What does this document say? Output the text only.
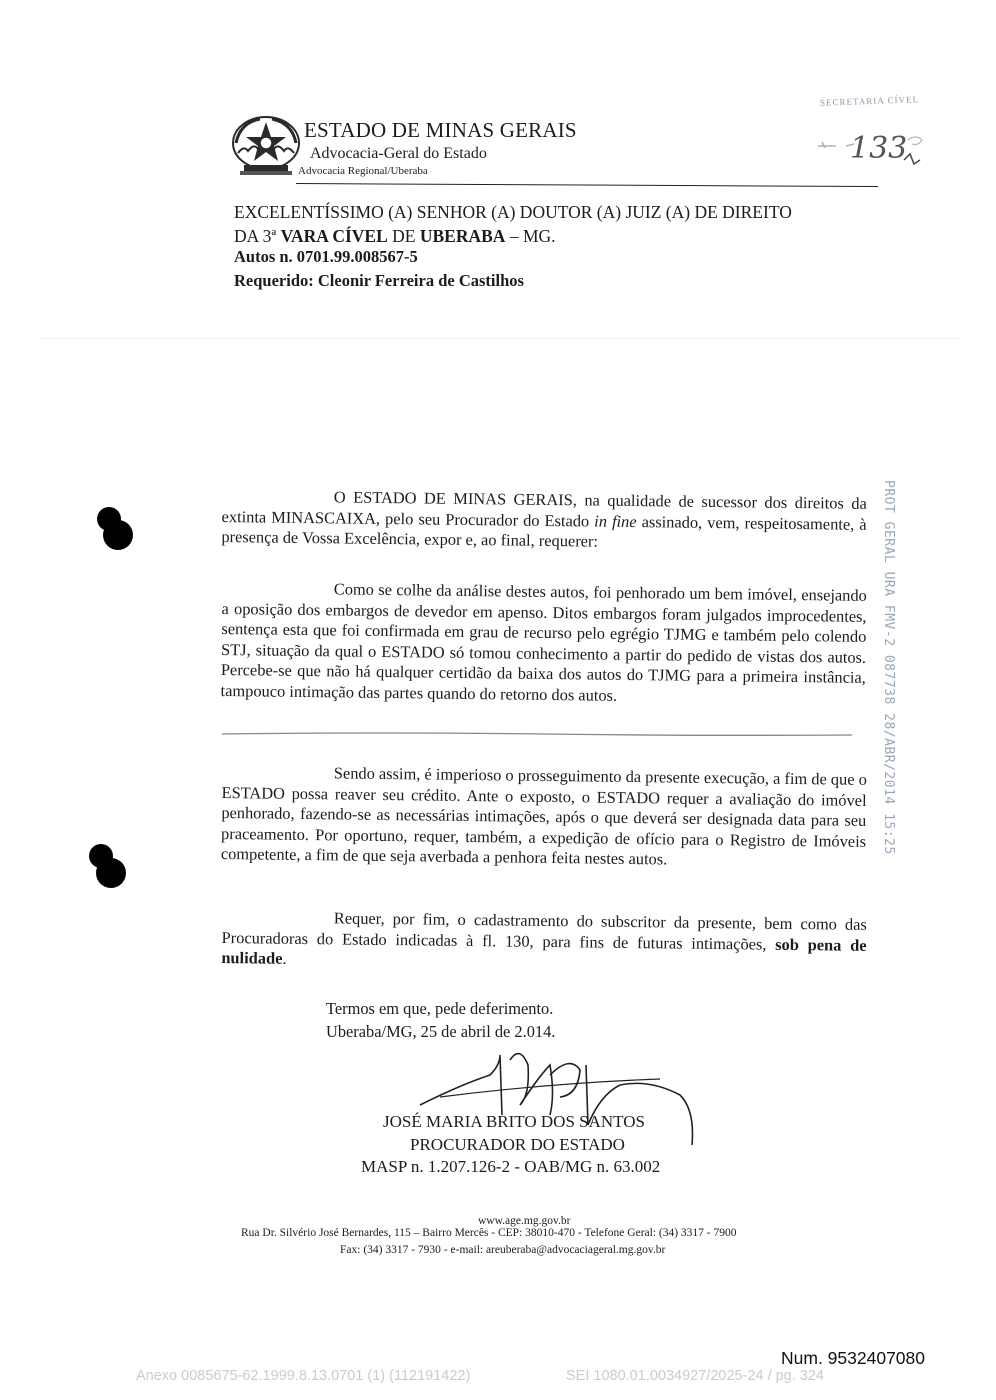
ESTADO DE MINAS GERAIS
Advocacia-Geral do Estado
Advocacia Regional/Uberaba
SECRETARIA CÍVEL
133
EXCELENTÍSSIMO (A) SENHOR (A) DOUTOR (A) JUIZ (A) DE DIREITO
DA 3ª VARA CÍVEL DE UBERABA – MG.
Autos n. 0701.99.008567-5
Requerido: Cleonir Ferreira de Castilhos
O ESTADO DE MINAS GERAIS, na qualidade de sucessor dos direitos da extinta MINASCAIXA, pelo seu Procurador do Estado in fine assinado, vem, respeitosamente, à presença de Vossa Excelência, expor e, ao final, requerer:
Como se colhe da análise destes autos, foi penhorado um bem imóvel, ensejando a oposição dos embargos de devedor em apenso. Ditos embargos foram julgados improcedentes, sentença esta que foi confirmada em grau de recurso pelo egrégio TJMG e também pelo colendo STJ, situação da qual o ESTADO só tomou conhecimento a partir do pedido de vistas dos autos. Percebe-se que não há qualquer certidão da baixa dos autos do TJMG para a primeira instância, tampouco intimação das partes quando do retorno dos autos.
Sendo assim, é imperioso o prosseguimento da presente execução, a fim de que o ESTADO possa reaver seu crédito. Ante o exposto, o ESTADO requer a avaliação do imóvel penhorado, fazendo-se as necessárias intimações, após o que deverá ser designada data para seu praceamento. Por oportuno, requer, também, a expedição de ofício para o Registro de Imóveis competente, a fim de que seja averbada a penhora feita nestes autos.
Requer, por fim, o cadastramento do subscritor da presente, bem como das Procuradoras do Estado indicadas à fl. 130, para fins de futuras intimações, sob pena de nulidade.
Termos em que, pede deferimento.
Uberaba/MG, 25 de abril de 2.014.
JOSÉ MARIA BRITO DOS SANTOS
PROCURADOR DO ESTADO
MASP n. 1.207.126-2 - OAB/MG n. 63.002
www.age.mg.gov.br
Rua Dr. Silvério José Bernardes, 115 – Bairro Mercês - CEP: 38010-470 - Telefone Geral: (34) 3317 - 7900
Fax: (34) 3317 - 7930 - e-mail: areuberaba@advocaciageral.mg.gov.br
PROT GERAL URA FMV-2 087738 28/ABR/2014 15:25
Num. 9532407080
Anexo 0085675-62.1999.8.13.0701 (1) (112191422)	SEI 1080.01.0034927/2025-24 / pg. 324
